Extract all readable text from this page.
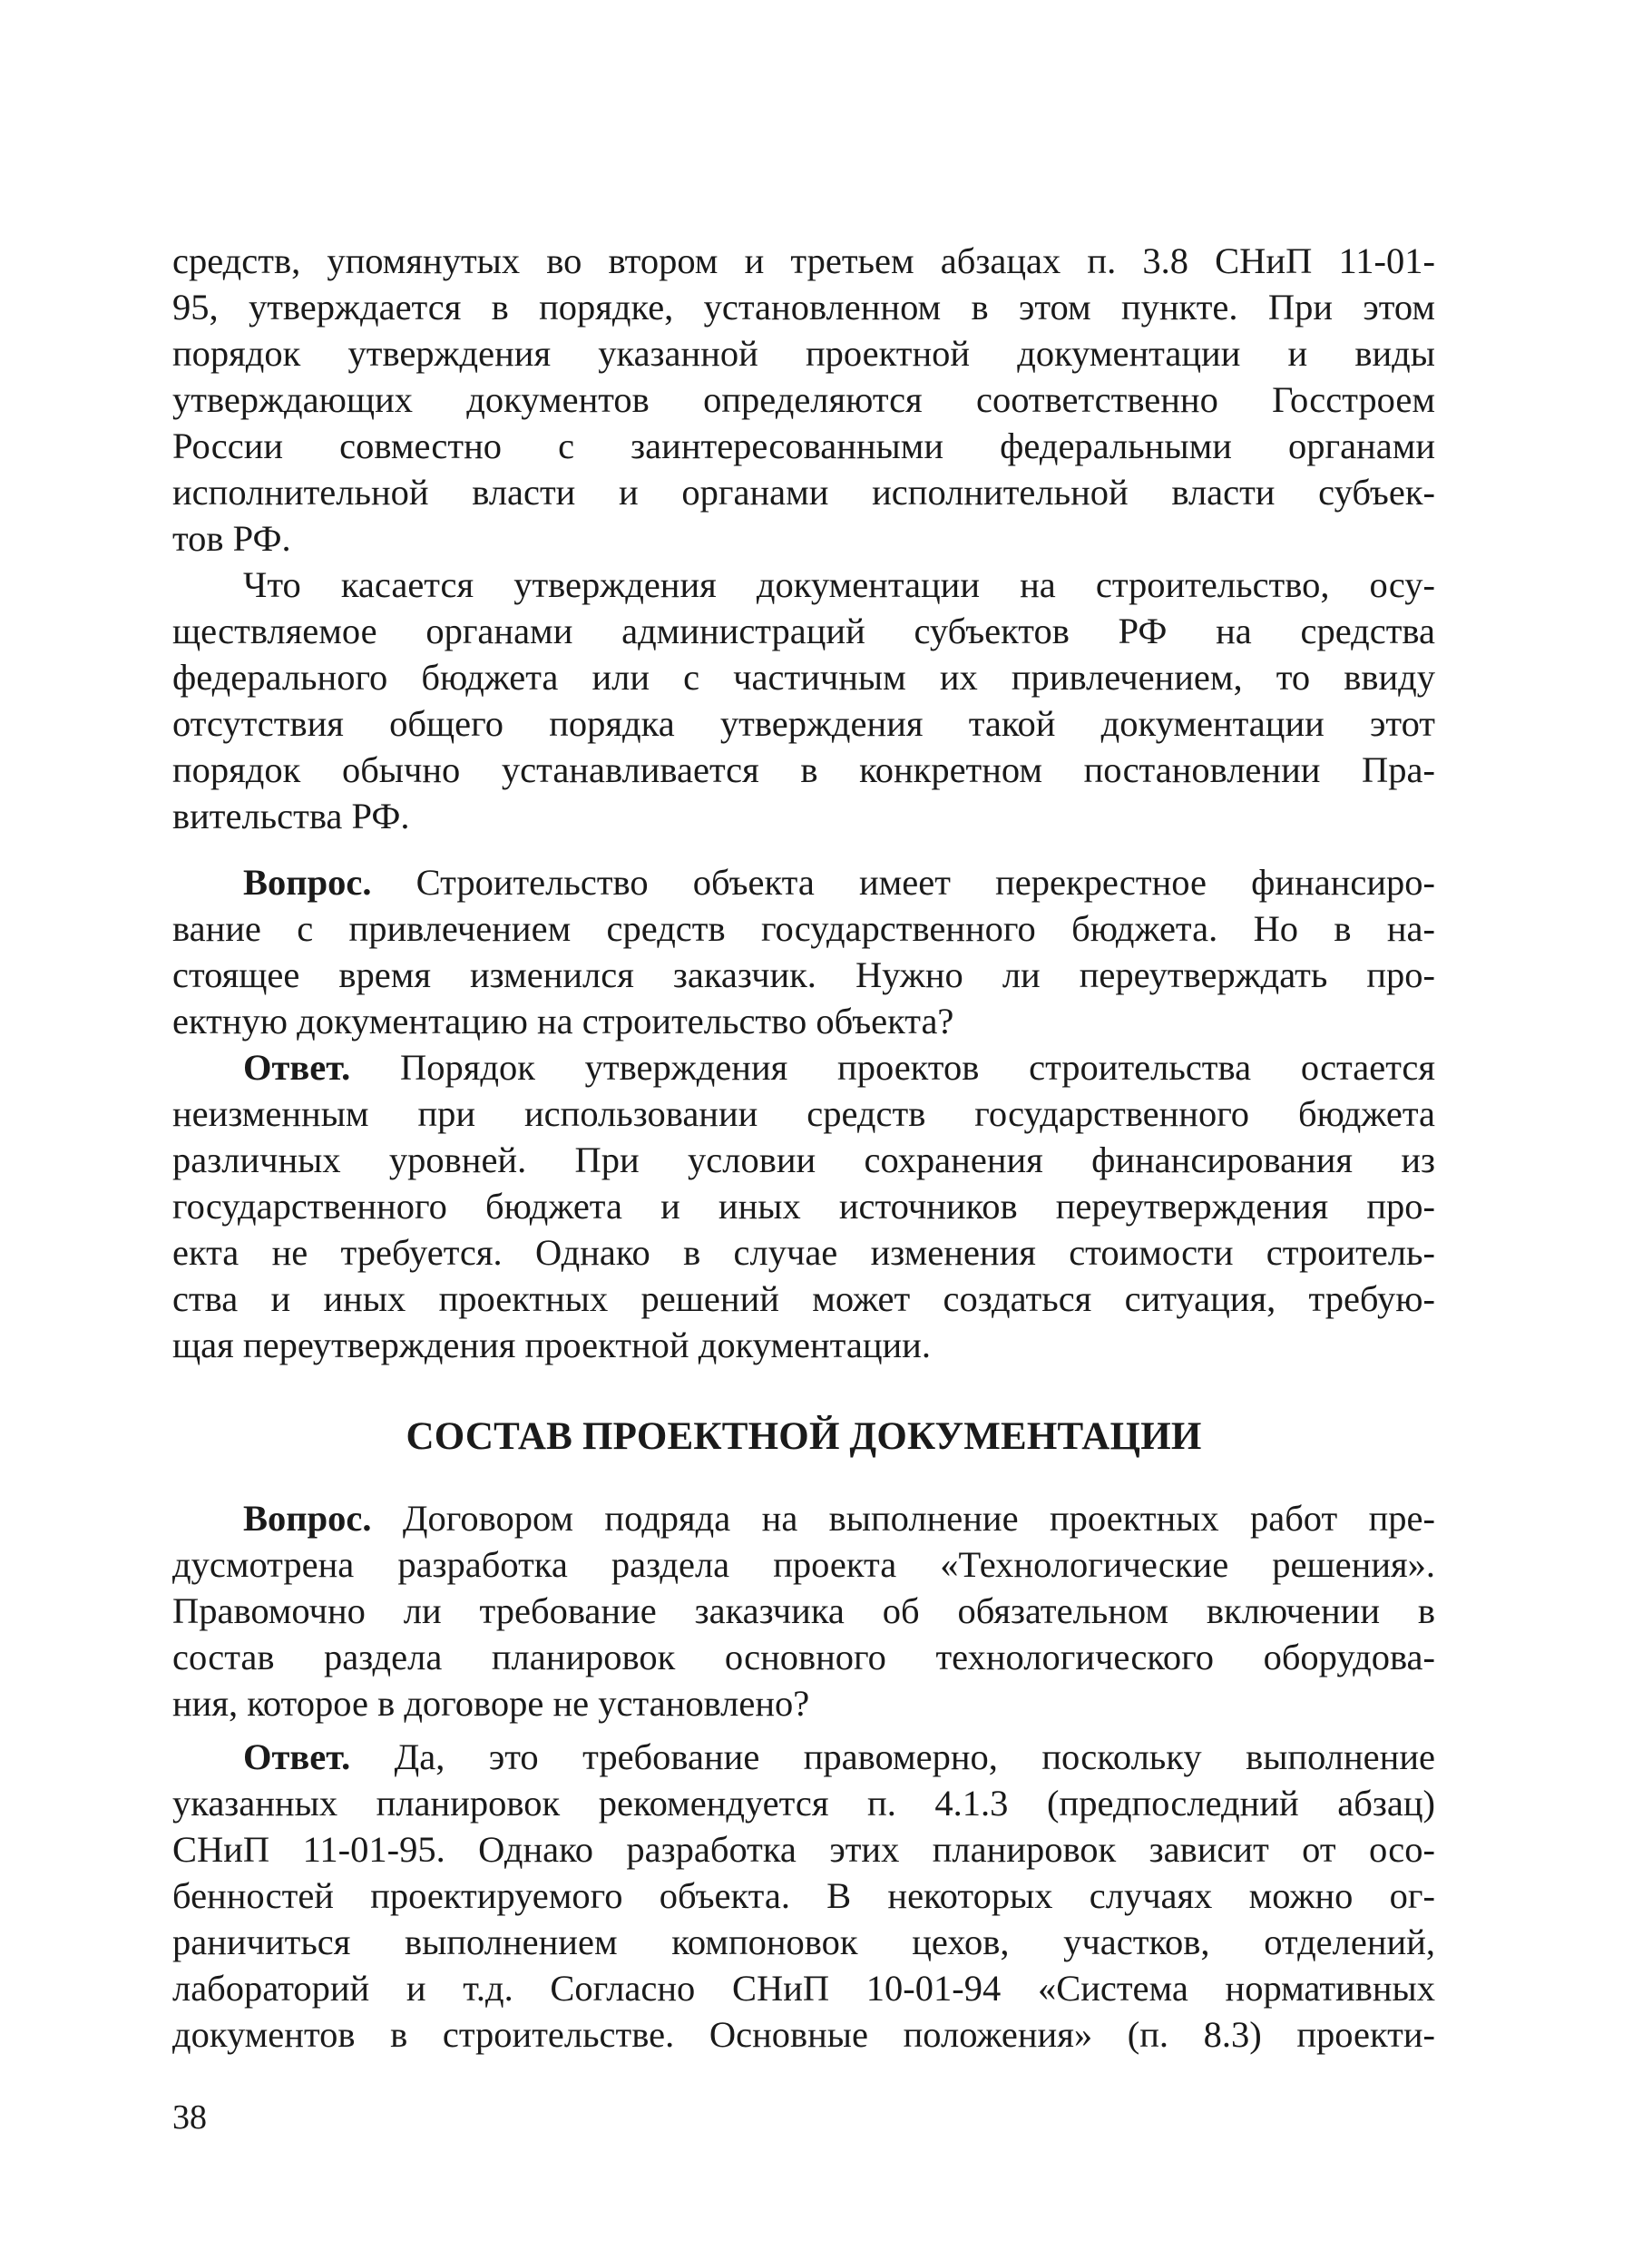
средств, упомянутых во втором и третьем абзацах п. 3.8 СНиП 11-01-
95, утверждается в порядке, установленном в этом пункте. При этом
порядок утверждения указанной проектной документации и виды
утверждающих документов определяются соответственно Госстроем
России совместно с заинтересованными федеральными органами
исполнительной власти и органами исполнительной власти субъек-
тов РФ.
Что касается утверждения документации на строительство, осу-
ществляемое органами администраций субъектов РФ на средства
федерального бюджета или с частичным их привлечением, то ввиду
отсутствия общего порядка утверждения такой документации этот
порядок обычно устанавливается в конкретном постановлении Пра-
вительства РФ.
Вопрос. Строительство объекта имеет перекрестное финансиро-
вание с привлечением средств государственного бюджета. Но в на-
стоящее время изменился заказчик. Нужно ли переутверждать про-
ектную документацию на строительство объекта?
Ответ. Порядок утверждения проектов строительства остается
неизменным при использовании средств государственного бюджета
различных уровней. При условии сохранения финансирования из
государственного бюджета и иных источников переутверждения про-
екта не требуется. Однако в случае изменения стоимости строитель-
ства и иных проектных решений может создаться ситуация, требую-
щая переутверждения проектной документации.
СОСТАВ ПРОЕКТНОЙ ДОКУМЕНТАЦИИ
Вопрос. Договором подряда на выполнение проектных работ пре-
дусмотрена разработка раздела проекта «Технологические решения».
Правомочно ли требование заказчика об обязательном включении в
состав раздела планировок основного технологического оборудова-
ния, которое в договоре не установлено?
Ответ. Да, это требование правомерно, поскольку выполнение
указанных планировок рекомендуется п. 4.1.3 (предпоследний абзац)
СНиП 11-01-95. Однако разработка этих планировок зависит от осо-
бенностей проектируемого объекта. В некоторых случаях можно ог-
раничиться выполнением компоновок цехов, участков, отделений,
лабораторий и т.д. Согласно СНиП 10-01-94 «Система нормативных
документов в строительстве. Основные положения» (п. 8.3) проекти-
38
